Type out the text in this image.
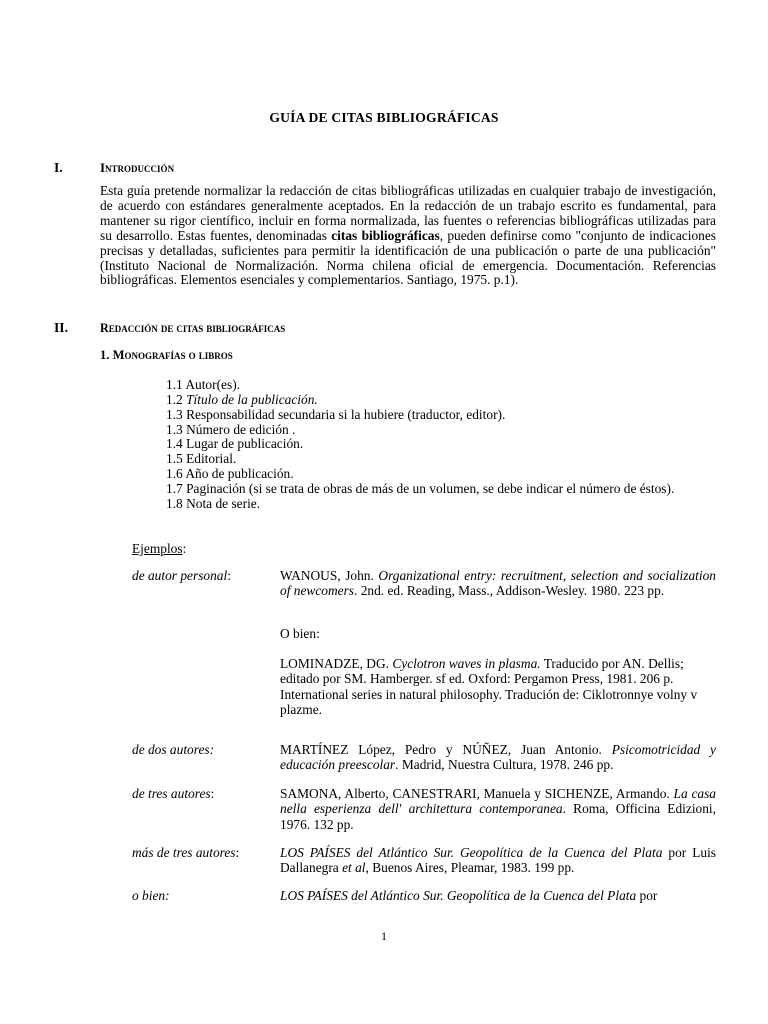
GUÍA DE CITAS BIBLIOGRÁFICAS
I.	Introducción
Esta guía pretende normalizar la redacción de citas bibliográficas utilizadas en cualquier trabajo de investigación, de acuerdo con estándares generalmente aceptados. En la redacción de un trabajo escrito es fundamental, para mantener su rigor científico, incluir en forma normalizada, las fuentes o referencias bibliográficas utilizadas para su desarrollo. Estas fuentes, denominadas citas bibliográficas, pueden definirse como "conjunto de indicaciones precisas y detalladas, suficientes para permitir la identificación de una publicación o parte de una publicación" (Instituto Nacional de Normalización. Norma chilena oficial de emergencia. Documentación. Referencias bibliográficas. Elementos esenciales y complementarios. Santiago, 1975. p.1).
II.	Redacción de citas bibliográficas
1. Monografías o libros
1.1 Autor(es).
1.2 Título de la publicación.
1.3 Responsabilidad secundaria si la hubiere (traductor, editor).
1.3 Número de edición .
1.4 Lugar de publicación.
1.5 Editorial.
1.6 Año de publicación.
1.7 Paginación (si se trata de obras de más de un volumen, se debe indicar el número de éstos).
1.8 Nota de serie.
Ejemplos:
de autor personal:	WANOUS, John. Organizational entry: recruitment, selection and socialization of newcomers. 2nd. ed. Reading, Mass., Addison-Wesley. 1980. 223 pp.
O bien:
LOMINADZE, DG. Cyclotron waves in plasma. Traducido por AN. Dellis; editado por SM. Hamberger. sf ed. Oxford: Pergamon Press, 1981. 206 p. International series in natural philosophy. Tradución de: Ciklotronnye volny v plazme.
de dos autores:	MARTÍNEZ López, Pedro y NÚÑEZ, Juan Antonio. Psicomotricidad y educación preescolar. Madrid, Nuestra Cultura, 1978. 246 pp.
de tres autores:	SAMONA, Alberto, CANESTRARI, Manuela y SICHENZE, Armando. La casa nella esperienza dell' architettura contemporanea. Roma, Officina Edizioni, 1976. 132 pp.
más de tres autores:	LOS PAÍSES del Atlántico Sur. Geopolítica de la Cuenca del Plata por Luis Dallanegra et al, Buenos Aires, Pleamar, 1983. 199 pp.
o bien:	LOS PAÍSES del Atlántico Sur. Geopolítica de la Cuenca del Plata por
1
